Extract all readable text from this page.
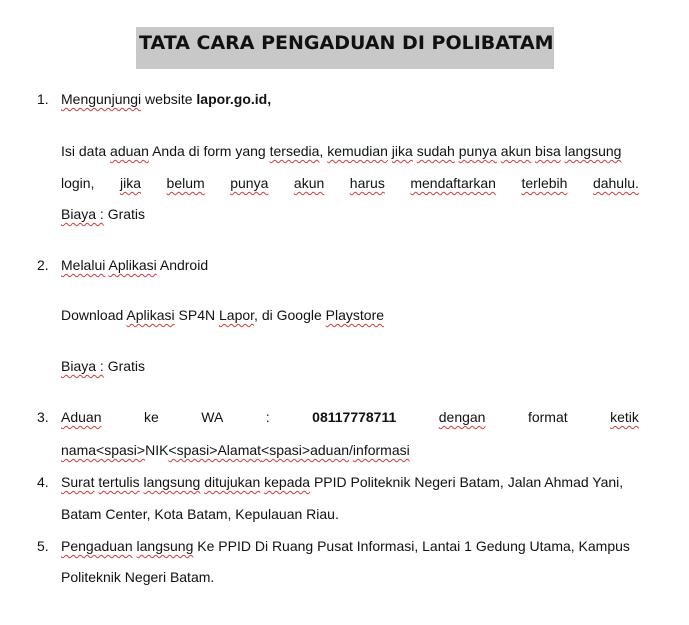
TATA CARA PENGADUAN DI POLIBATAM
1. Mengunjungi website lapor.go.id,
Isi data aduan Anda di form yang tersedia, kemudian jika sudah punya akun bisa langsung
login, jika belum punya akun harus mendaftarkan terlebih dahulu.
Biaya : Gratis
2. Melalui Aplikasi Android
Download Aplikasi SP4N Lapor, di Google Playstore
Biaya : Gratis
3. Aduan	ke	WA	:	08117778711	dengan	format	ketik
nama<spasi>NIK<spasi>Alamat<spasi>aduan/informasi
4. Surat tertulis langsung ditujukan kepada PPID Politeknik Negeri Batam, Jalan Ahmad Yani,
Batam Center, Kota Batam, Kepulauan Riau.
5. Pengaduan langsung Ke PPID Di Ruang Pusat Informasi, Lantai 1 Gedung Utama, Kampus
Politeknik Negeri Batam.
